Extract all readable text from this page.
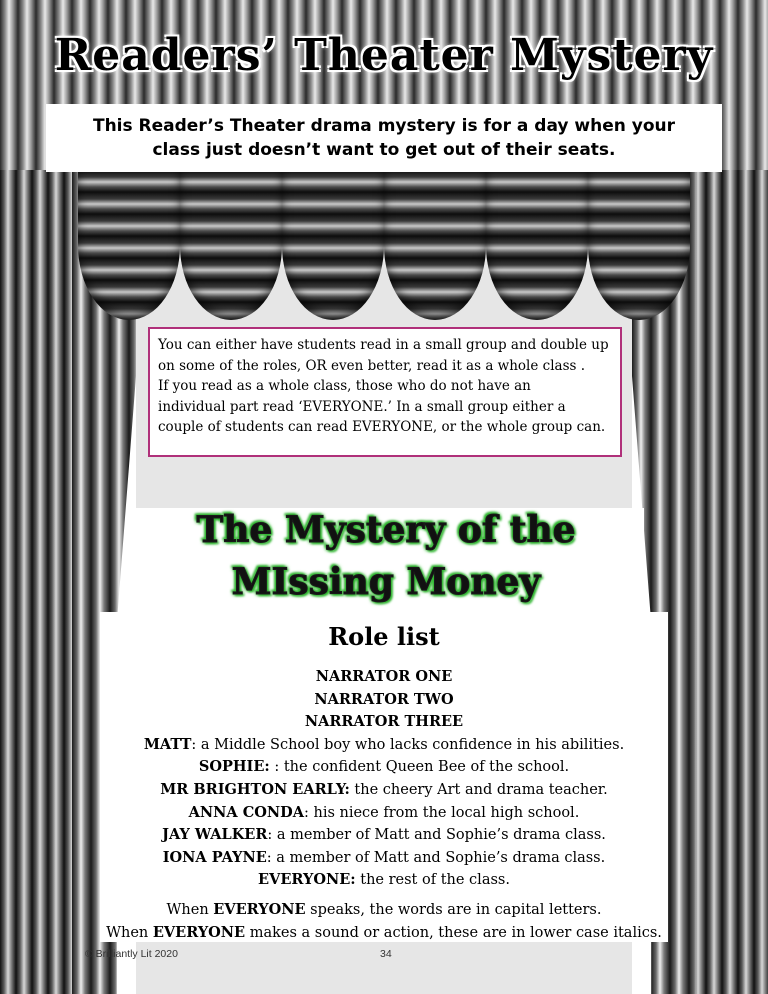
Readers’ Theater Mystery
This Reader’s Theater drama mystery is for a day when your
class just doesn’t want to get out of their seats.
You can either have students read in a small group and double up
on some of the roles, OR even better, read it as a whole class .
If you read as a whole class, those who do not have an
individual part read ‘EVERYONE.’ In a small group either a
couple of students can read EVERYONE, or the whole group can.
The Mystery of the
MIssing Money
Role list
NARRATOR ONE
NARRATOR TWO
NARRATOR THREE
MATT: a Middle School boy who lacks confidence in his abilities.
SOPHIE: : the confident Queen Bee of the school.
MR BRIGHTON EARLY: the cheery Art and drama teacher.
ANNA CONDA: his niece from the local high school.
JAY WALKER: a member of Matt and Sophie’s drama class.
IONA PAYNE: a member of Matt and Sophie’s drama class.
EVERYONE: the rest of the class.
When EVERYONE speaks, the words are in capital letters.
When EVERYONE makes a sound or action, these are in lower case italics.
© Brilliantly Lit 2020	34
